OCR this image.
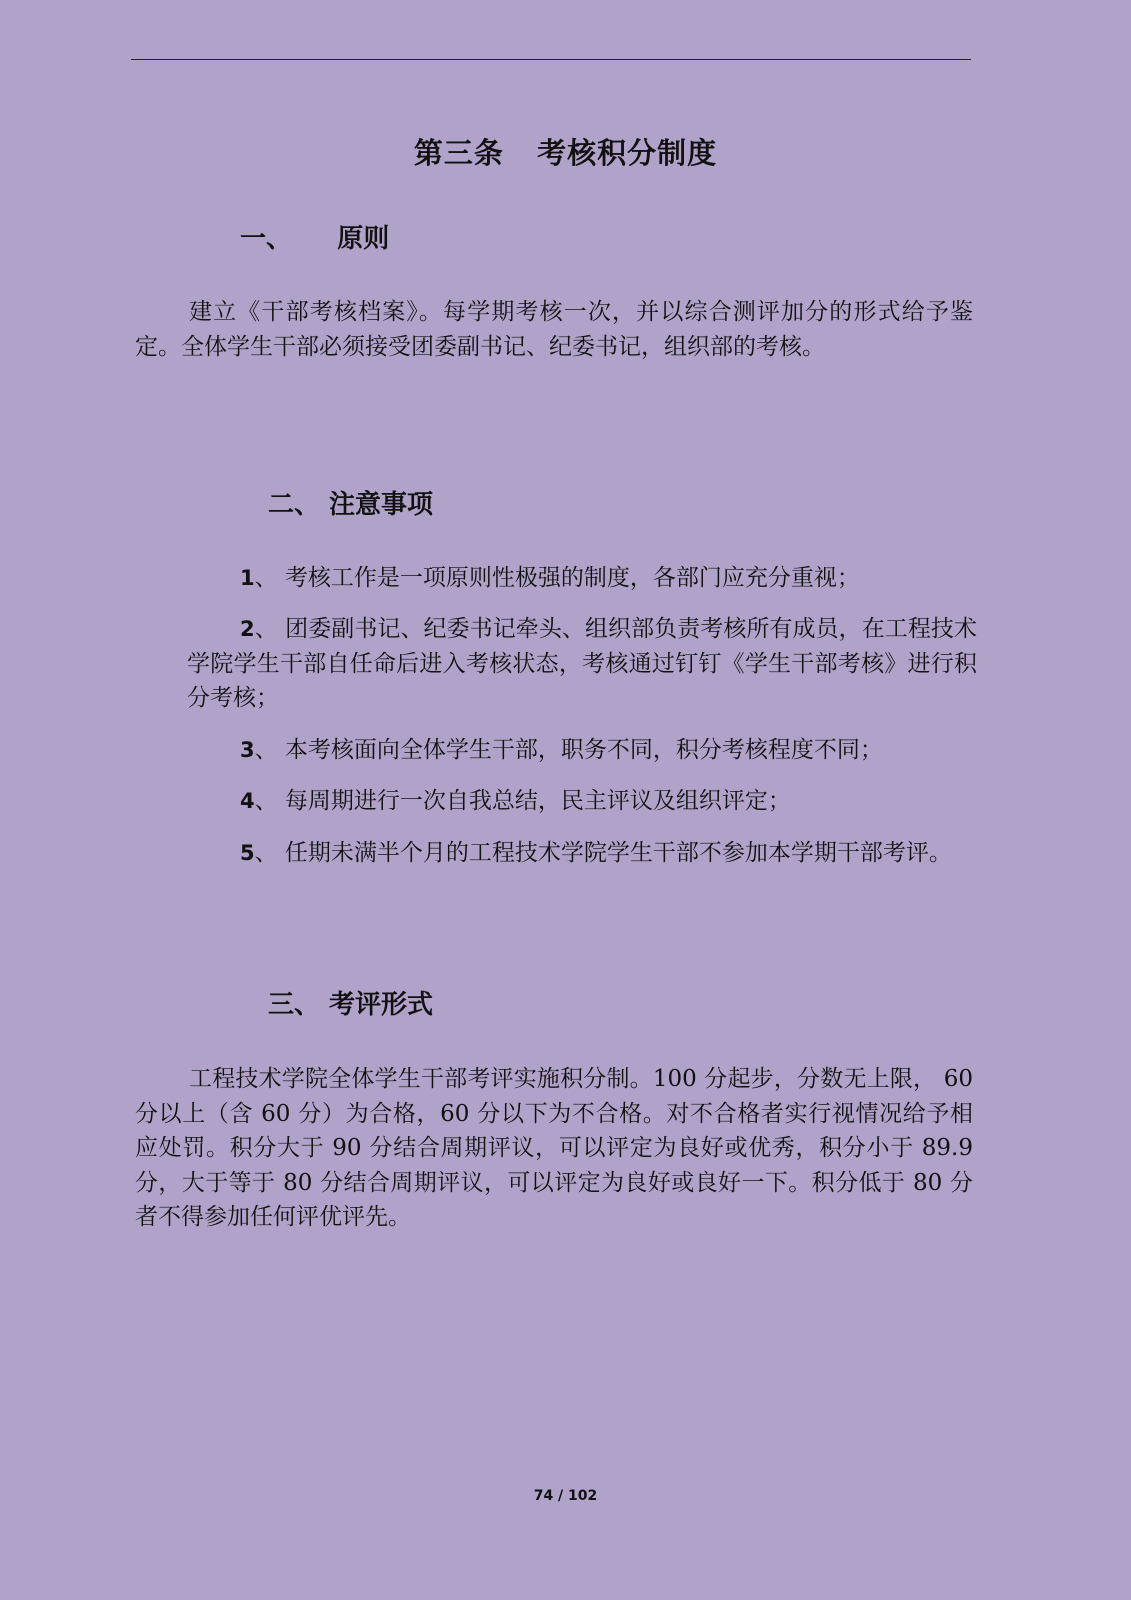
第三条   考核积分制度
一、     原则
建立《干部考核档案》。每学期考核一次，并以综合测评加分的形式给予鉴定。全体学生干部必须接受团委副书记、纪委书记，组织部的考核。
二、 注意事项
1、 考核工作是一项原则性极强的制度，各部门应充分重视；
2、 团委副书记、纪委书记牵头、组织部负责考核所有成员，在工程技术学院学生干部自任命后进入考核状态，考核通过钉钉《学生干部考核》进行积分考核；
3、 本考核面向全体学生干部，职务不同，积分考核程度不同；
4、 每周期进行一次自我总结，民主评议及组织评定；
5、 任期未满半个月的工程技术学院学生干部不参加本学期干部考评。
三、 考评形式
工程技术学院全体学生干部考评实施积分制。100 分起步，分数无上限， 60 分以上（含 60 分）为合格，60 分以下为不合格。对不合格者实行视情况给予相应处罚。积分大于 90 分结合周期评议，可以评定为良好或优秀，积分小于 89.9 分，大于等于 80 分结合周期评议，可以评定为良好或良好一下。积分低于 80 分者不得参加任何评优评先。
74 / 102
